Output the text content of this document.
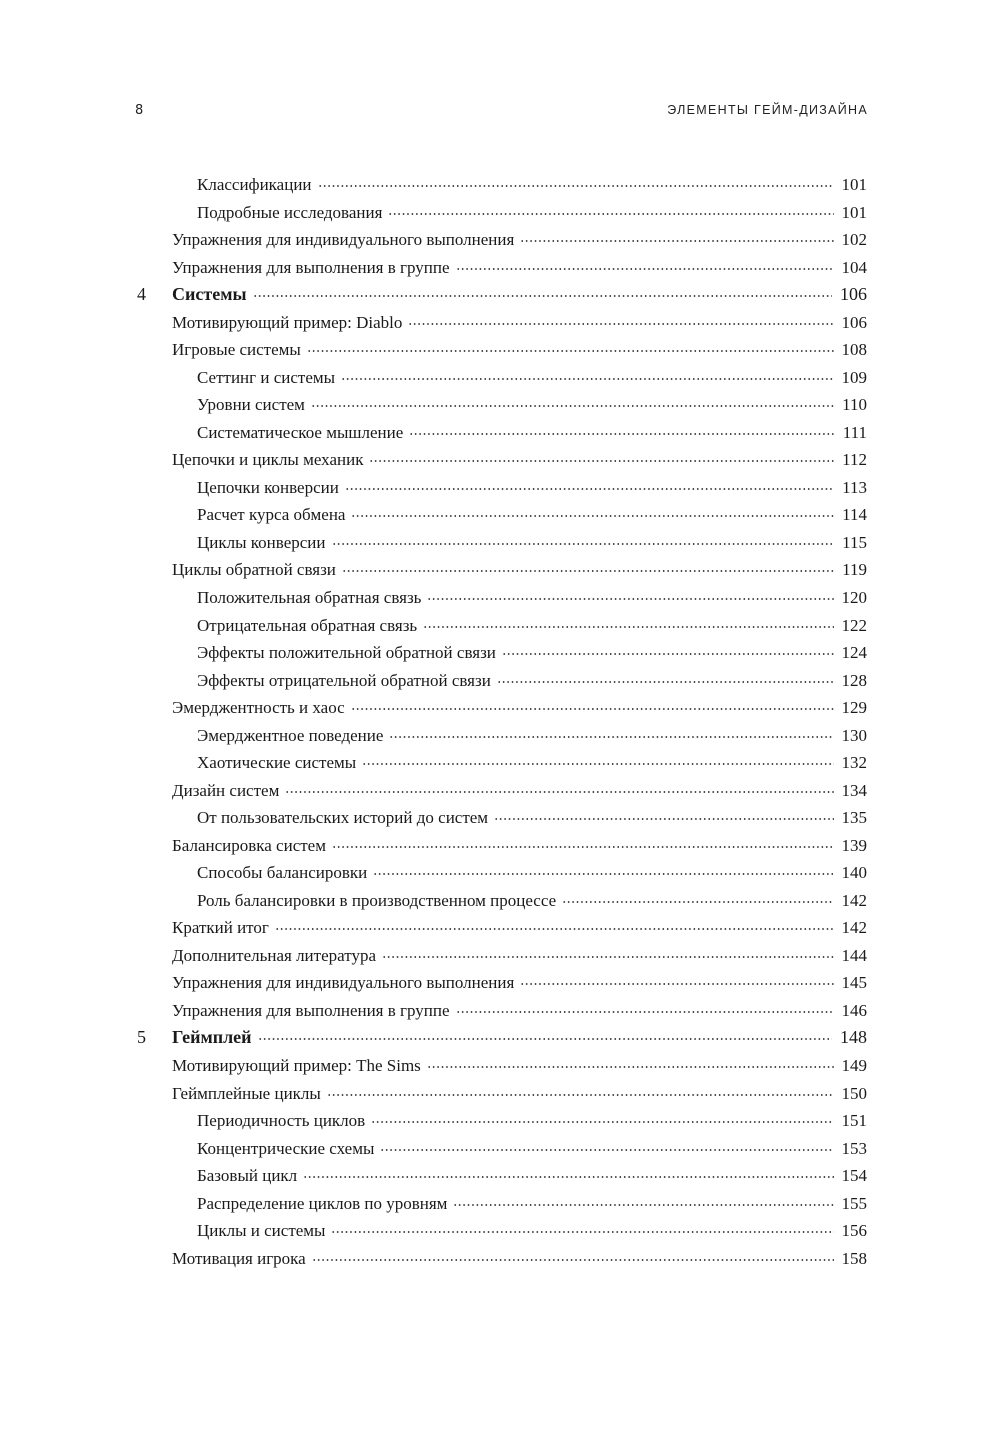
8	ЭЛЕМЕНТЫ ГЕЙМ-ДИЗАЙНА
Классификации	101
Подробные исследования	101
Упражнения для индивидуального выполнения	102
Упражнения для выполнения в группе	104
4	Системы	106
Мотивирующий пример: Diablo	106
Игровые системы	108
Сеттинг и системы	109
Уровни систем	110
Систематическое мышление	111
Цепочки и циклы механик	112
Цепочки конверсии	113
Расчет курса обмена	114
Циклы конверсии	115
Циклы обратной связи	119
Положительная обратная связь	120
Отрицательная обратная связь	122
Эффекты положительной обратной связи	124
Эффекты отрицательной обратной связи	128
Эмерджентность и хаос	129
Эмерджентное поведение	130
Хаотические системы	132
Дизайн систем	134
От пользовательских историй до систем	135
Балансировка систем	139
Способы балансировки	140
Роль балансировки в производственном процессе	142
Краткий итог	142
Дополнительная литература	144
Упражнения для индивидуального выполнения	145
Упражнения для выполнения в группе	146
5	Геймплей	148
Мотивирующий пример: The Sims	149
Геймплейные циклы	150
Периодичность циклов	151
Концентрические схемы	153
Базовый цикл	154
Распределение циклов по уровням	155
Циклы и системы	156
Мотивация игрока	158
